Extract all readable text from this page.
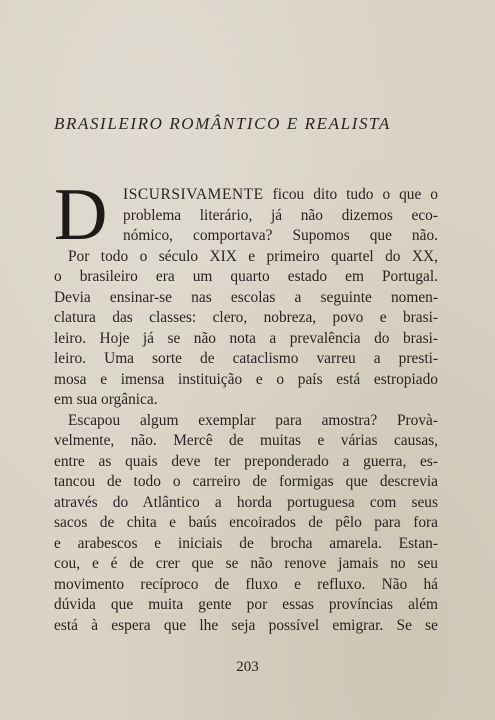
BRASILEIRO ROMÂNTICO E REALISTA
D	ISCURSIVAMENTE ficou dito tudo o que o
problema literário, já não dizemos eco-
nómico, comportava? Supomos que não.
Por todo o século XIX e primeiro quartel do XX,
o brasileiro era um quarto estado em Portugal.
Devia ensinar-se nas escolas a seguinte nomen-
clatura das classes: clero, nobreza, povo e brasi-
leiro. Hoje já se não nota a prevalência do brasi-
leiro. Uma sorte de cataclismo varreu a presti-
mosa e imensa instituição e o país está estropiado
em sua orgânica.
Escapou algum exemplar para amostra? Provà-
velmente, não. Mercê de muitas e várias causas,
entre as quais deve ter preponderado a guerra, es-
tancou de todo o carreiro de formigas que descrevia
através do Atlântico a horda portuguesa com seus
sacos de chita e baús encoirados de pêlo para fora
e arabescos e iniciais de brocha amarela. Estan-
cou, e é de crer que se não renove jamais no seu
movimento recíproco de fluxo e refluxo. Não há
dúvida que muita gente por essas províncias além
está à espera que lhe seja possível emigrar. Se se
203
